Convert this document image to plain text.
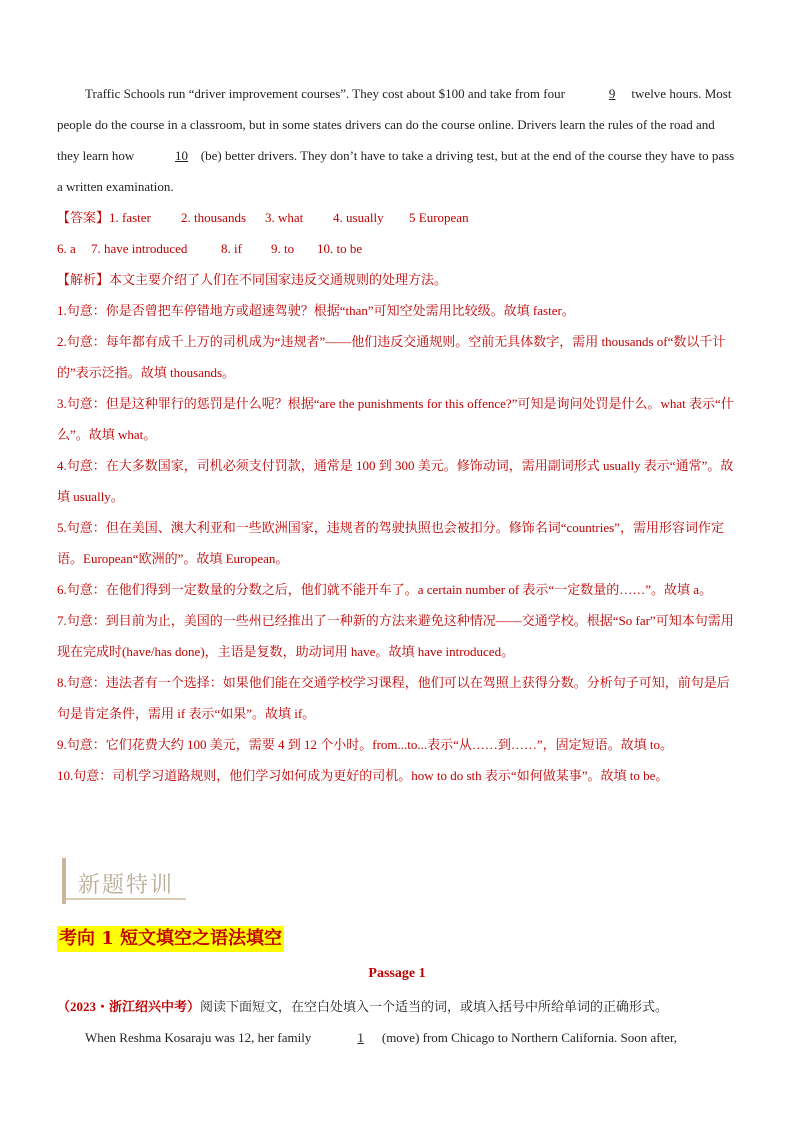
Traffic Schools run “driver improvement courses”. They cost about $100 and take from four	9 twelve hours. Most people do the course in a classroom, but in some states drivers can do the course online. Drivers learn the rules of the road and they learn how	10 (be) better drivers. They don’t have to take a driving test, but at the end of the course they have to pass a written examination.

【答案】1. faster 2. thousands 3. what 4. usually 5 European
6. a 7. have introduced	8. if 9. to 10. to be

【解析】本文主要介绍了人们在不同国家违反交通规则的处理方法。

1.句意：你是否曾把车停错地方或超速驾驶？根据“than”可知空处需用比较级。故填 faster。

2.句意：每年都有成千上万的司机成为“违规者”——他们违反交通规则。空前无具体数字，需用 thousands of“数以千计的”表示泛指。故填 thousands。

3.句意：但是这种罪行的惩罚是什么呢？根据“are the punishments for this offence?”可知是询问处罚是什么。what 表示“什么”。故填 what。

4.句意：在大多数国家，司机必须支付罚款，通常是 100 到 300 美元。修饰动词，需用副词形式 usually 表示“通常”。故填 usually。

5.句意：但在美国、澳大利亚和一些欧洲国家，违规者的驾驶执照也会被扣分。修饰名词“countries”，需用形容词作定语。European“欧洲的”。故填 European。

6.句意：在他们得到一定数量的分数之后，他们就不能开车了。a certain number of 表示“一定数量的……”。故填 a。

7.句意：到目前为止，美国的一些州已经推出了一种新的方法来避免这种情况——交通学校。根据“So far”可知本句需用现在完成时(have/has done)，主语是复数，助动词用 have。故填 have introduced。

8.句意：违法者有一个选择：如果他们能在交通学校学习课程，他们可以在驾照上获得分数。分析句子可知，前句是后句是肯定条件，需用 if 表示“如果”。故填 if。

9.句意：它们花费大约 100 美元，需要 4 到 12 个小时。from...to...表示“从……到……”，固定短语。故填 to。

10.句意：司机学习道路规则，他们学习如何成为更好的司机。how to do sth 表示“如何做某事”。故填 to be。

新题特训
考向 1 短文填空之语法填空
Passage 1
（2023・浙江绍兴中考）阅读下面短文，在空白处填入一个适当的词，或填入括号中所给单词的正确形式。
When Reshma Kosaraju was 12, her family	1 (move) from Chicago to Northern California. Soon after,
